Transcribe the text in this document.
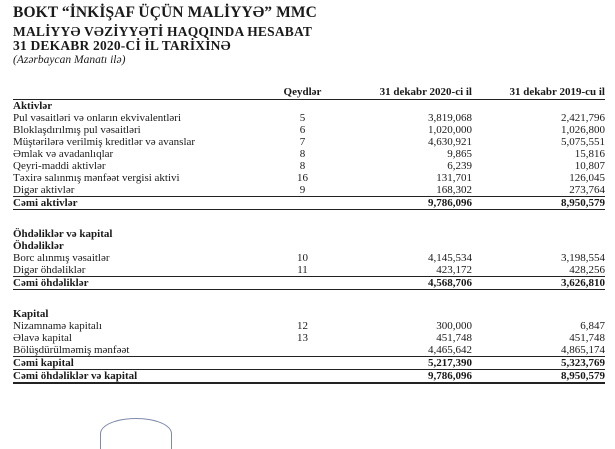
BOKT “İNKİŞAF ÜÇÜN MALİYYƏ” MMC
MALİYYƏ VƏZİYYƏTİ HAQQINDA HESABAT
31 DEKABR 2020-Cİ İL TARİXİNƏ
(Azərbaycan Manatı ilə)
	Qeydlər	31 dekabr 2020-ci il	31 dekabr 2019-cu il
Aktivlər			
Pul vəsaitləri və onların ekvivalentləri	5	3,819,068	2,421,796
Bloklaşdırılmış pul vəsaitləri	6	1,020,000	1,026,800
Müştərilərə verilmiş kreditlər və avanslar	7	4,630,921	5,075,551
Əmlak və avadanlıqlar	8	9,865	15,816
Qeyri-maddi aktivlər	8	6,239	10,807
Təxirə salınmış mənfəət vergisi aktivi	16	131,701	126,045
Digər aktivlər	9	168,302	273,764
Cəmi aktivlər		9,786,096	8,950,579

Öhdəliklər və kapital			
Öhdəliklər			
Borc alınmış vəsaitlər	10	4,145,534	3,198,554
Digər öhdəliklər	11	423,172	428,256
Cəmi öhdəliklər		4,568,706	3,626,810

Kapital			
Nizamnamə kapitalı	12	300,000	6,847
Əlavə kapital	13	451,748	451,748
Bölüşdürülməmiş mənfəət		4,465,642	4,865,174
Cəmi kapital		5,217,390	5,323,769
Cəmi öhdəliklər və kapital		9,786,096	8,950,579
